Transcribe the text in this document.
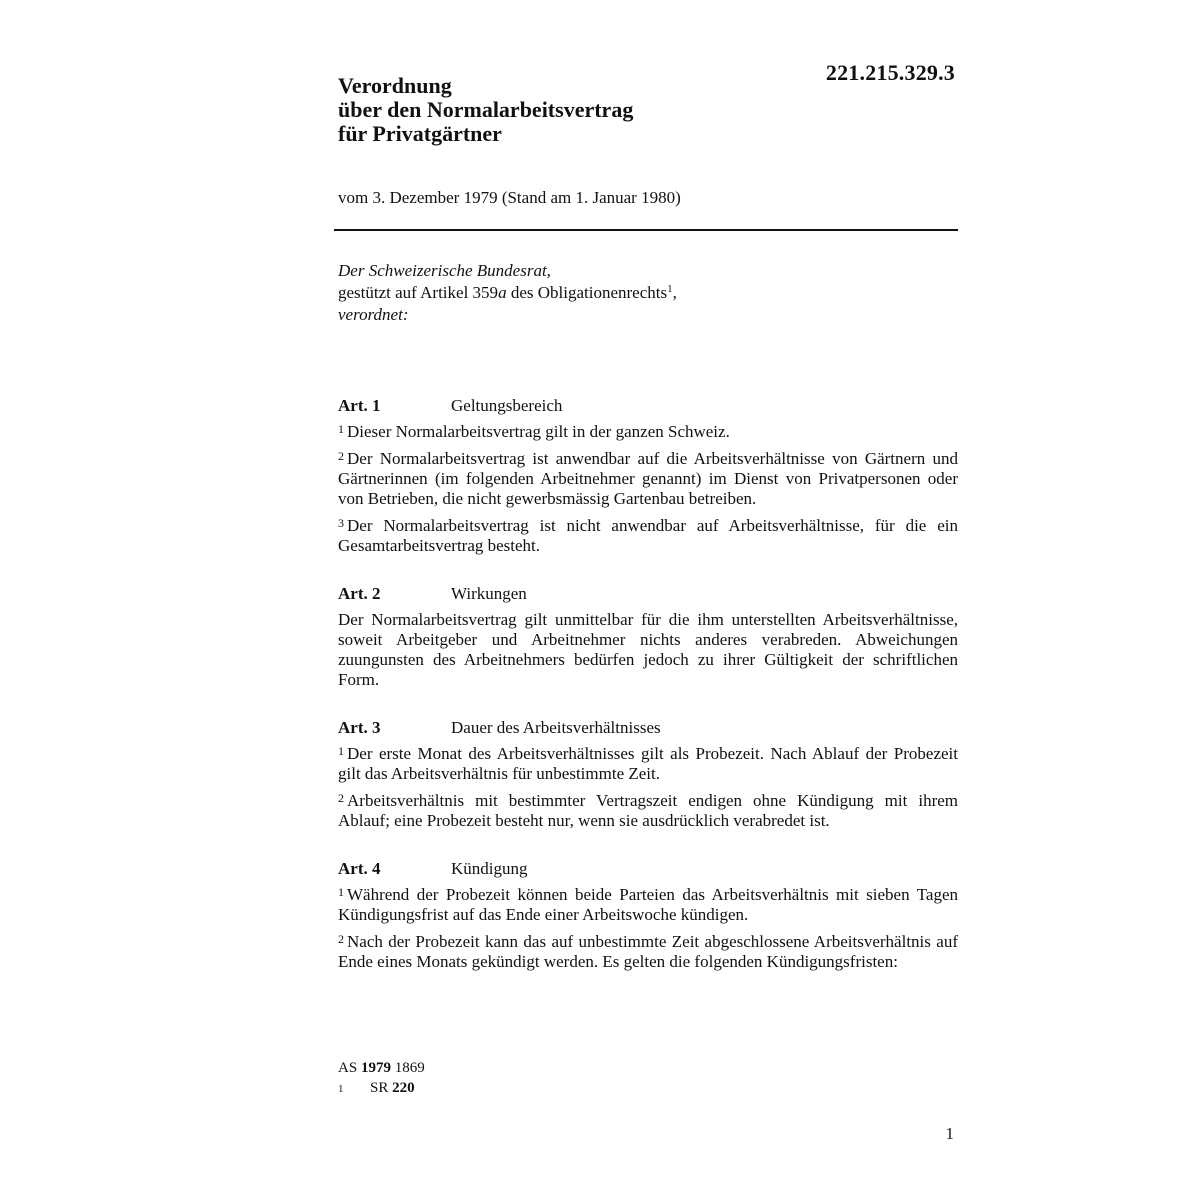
221.215.329.3
Verordnung
über den Normalarbeitsvertrag
für Privatgärtner
vom 3. Dezember 1979 (Stand am 1. Januar 1980)
Der Schweizerische Bundesrat,
gestützt auf Artikel 359a des Obligationenrechts$^1$,
verordnet:
Art. 1	Geltungsbereich

$^1$ Dieser Normalarbeitsvertrag gilt in der ganzen Schweiz.

$^2$ Der Normalarbeitsvertrag ist anwendbar auf die Arbeitsverhältnisse von Gärtnern und Gärtnerinnen (im folgenden Arbeitnehmer genannt) im Dienst von Privatpersonen oder von Betrieben, die nicht gewerbsmässig Gartenbau betreiben.

$^3$ Der Normalarbeitsvertrag ist nicht anwendbar auf Arbeitsverhältnisse, für die ein Gesamtarbeitsvertrag besteht.

Art. 2	Wirkungen

Der Normalarbeitsvertrag gilt unmittelbar für die ihm unterstellten Arbeitsverhältnisse, soweit Arbeitgeber und Arbeitnehmer nichts anderes verabreden. Abweichungen zuungunsten des Arbeitnehmers bedürfen jedoch zu ihrer Gültigkeit der schriftlichen Form.

Art. 3	Dauer des Arbeitsverhältnisses

$^1$ Der erste Monat des Arbeitsverhältnisses gilt als Probezeit. Nach Ablauf der Probezeit gilt das Arbeitsverhältnis für unbestimmte Zeit.

$^2$ Arbeitsverhältnis mit bestimmter Vertragszeit endigen ohne Kündigung mit ihrem Ablauf; eine Probezeit besteht nur, wenn sie ausdrücklich verabredet ist.

Art. 4	Kündigung

$^1$ Während der Probezeit können beide Parteien das Arbeitsverhältnis mit sieben Tagen Kündigungsfrist auf das Ende einer Arbeitswoche kündigen.

$^2$ Nach der Probezeit kann das auf unbestimmte Zeit abgeschlossene Arbeitsverhältnis auf Ende eines Monats gekündigt werden. Es gelten die folgenden Kündigungsfristen:

AS 1979 1869
1	SR 220
1
